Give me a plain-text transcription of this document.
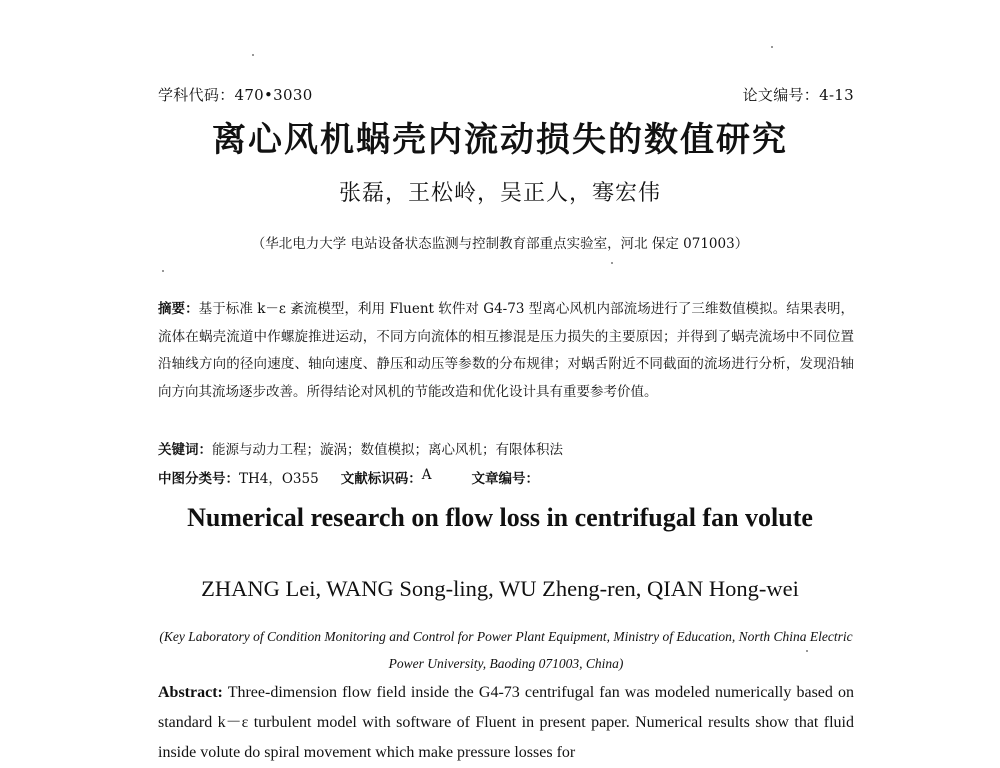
学科代码：470•3030	论文编号：4-13
离心风机蜗壳内流动损失的数值研究
张磊，王松岭，吴正人，骞宏伟
（华北电力大学 电站设备状态监测与控制教育部重点实验室，河北 保定 071003）
摘要：基于标准 k－ε 紊流模型，利用 Fluent 软件对 G4-73 型离心风机内部流场进行了三维数值模拟。结果表明，流体在蜗壳流道中作螺旋推进运动，不同方向流体的相互掺混是压力损失的主要原因；并得到了蜗壳流场中不同位置沿轴线方向的径向速度、轴向速度、静压和动压等参数的分布规律；对蜗舌附近不同截面的流场进行分析，发现沿轴向方向其流场逐步改善。所得结论对风机的节能改造和优化设计具有重要参考价值。
关键词：能源与动力工程；漩涡；数值模拟；离心风机；有限体积法
中图分类号： TH4，O355 文献标识码： A	文章编号：
Numerical research on flow loss in centrifugal fan volute
ZHANG Lei, WANG Song-ling, WU Zheng-ren, QIAN Hong-wei
(Key Laboratory of Condition Monitoring and Control for Power Plant Equipment, Ministry of Education, North China Electric Power University, Baoding 071003, China)
Abstract: Three-dimension flow field inside the G4-73 centrifugal fan was modeled numerically based on standard k－ε turbulent model with software of Fluent in present paper. Numerical results show that fluid inside volute do spiral movement which make pressure losses for
